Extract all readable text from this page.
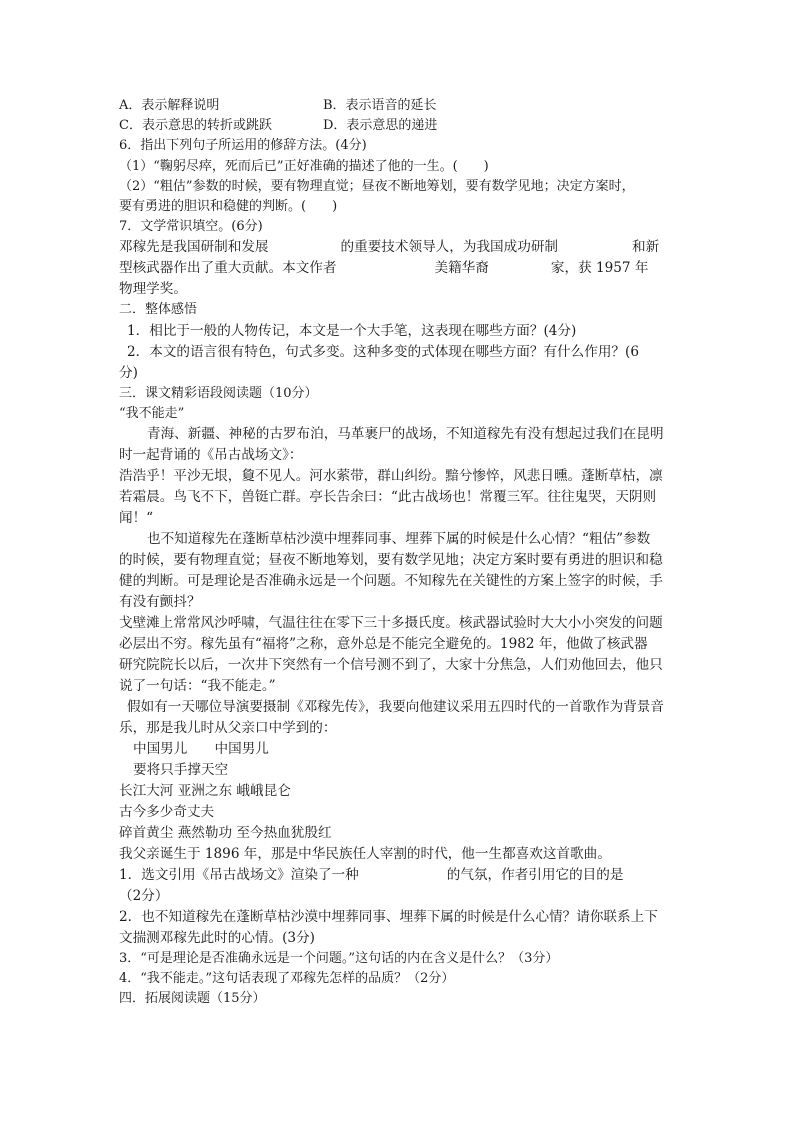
A．表示解释说明	B．表示语音的延长
C．表示意思的转折或跳跃	D．表示意思的递进
6．指出下列句子所运用的修辞方法。(4分)
（1）“鞠躬尽瘁，死而后已”正好准确的描述了他的一生。(　　)
（2）“粗估”参数的时候，要有物理直觉；昼夜不断地筹划，要有数学见地；决定方案时，
要有勇进的胆识和稳健的判断。(　　)
7．文学常识填空。(6分)
邓稼先是我国研制和发展	的重要技术领导人，为我国成功研制	和新
型核武器作出了重大贡献。本文作者	美籍华裔	家，获 1957 年
物理学奖。
二．整体感悟
1．相比于一般的人物传记，本文是一个大手笔，这表现在哪些方面？(4分)
2．本文的语言很有特色，句式多变。这种多变的式体现在哪些方面？有什么作用？(6
分)
三．课文精彩语段阅读题（10分）
“我不能走”
青海、新疆、神秘的古罗布泊，马革裹尸的战场，不知道稼先有没有想起过我们在昆明
时一起背诵的《吊古战场文》：
浩浩乎！平沙无垠，敻不见人。河水萦带，群山纠纷。黯兮惨悴，风悲日曛。蓬断草枯，凛
若霜晨。鸟飞不下，兽铤亡群。亭长告余曰：“此古战场也！常覆三军。往往鬼哭，天阴则
闻！“
也不知道稼先在蓬断草枯沙漠中埋葬同事、埋葬下属的时候是什么心情？“粗估”参数
的时候，要有物理直觉；昼夜不断地筹划，要有数学见地；决定方案时要有勇进的胆识和稳
健的判断。可是理论是否准确永远是一个问题。不知稼先在关键性的方案上签字的时候，手
有没有颤抖？
戈壁滩上常常风沙呼啸，气温往往在零下三十多摄氏度。核武器试验时大大小小突发的问题
必层出不穷。稼先虽有“福将”之称，意外总是不能完全避免的。1982 年，他做了核武器
研究院院长以后，一次井下突然有一个信号测不到了，大家十分焦急，人们劝他回去，他只
说了一句话：“我不能走。”
假如有一天哪位导演要摄制《邓稼先传》，我要向他建议采用五四时代的一首歌作为背景音
乐，那是我儿时从父亲口中学到的：
中国男儿　　中国男儿
要将只手撑天空
长江大河 亚洲之东 峨峨昆仑
古今多少奇丈夫
碎首黄尘 燕然勒功 至今热血犹殷红
我父亲诞生于 1896 年，那是中华民族任人宰割的时代，他一生都喜欢这首歌曲。
1．选文引用《吊古战场文》渲染了一种	的气氛，作者引用它的目的是
（2分）
2．也不知道稼先在蓬断草枯沙漠中埋葬同事、埋葬下属的时候是什么心情？请你联系上下
文揣测邓稼先此时的心情。(3分)
3．“可是理论是否准确永远是一个问题。”这句话的内在含义是什么？（3分）
4．“我不能走。”这句话表现了邓稼先怎样的品质？（2分）
四．拓展阅读题（15分）
